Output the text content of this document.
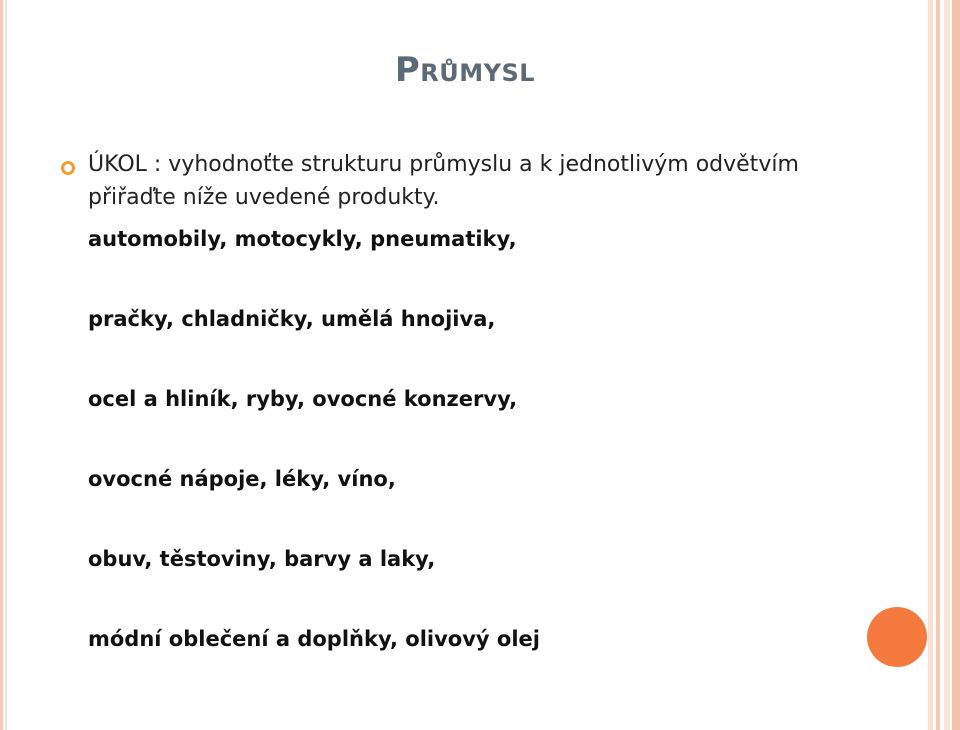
Průmysl
ÚKOL : vyhodnoťte strukturu průmyslu a k jednotlivým odvětvím přiřaďte níže uvedené produkty.
automobily, motocykly, pneumatiky,
pračky, chladničky, umělá hnojiva,
ocel a hliník, ryby, ovocné konzervy,
ovocné nápoje, léky, víno,
obuv, těstoviny, barvy a laky,
módní oblečení a doplňky, olivový olej
